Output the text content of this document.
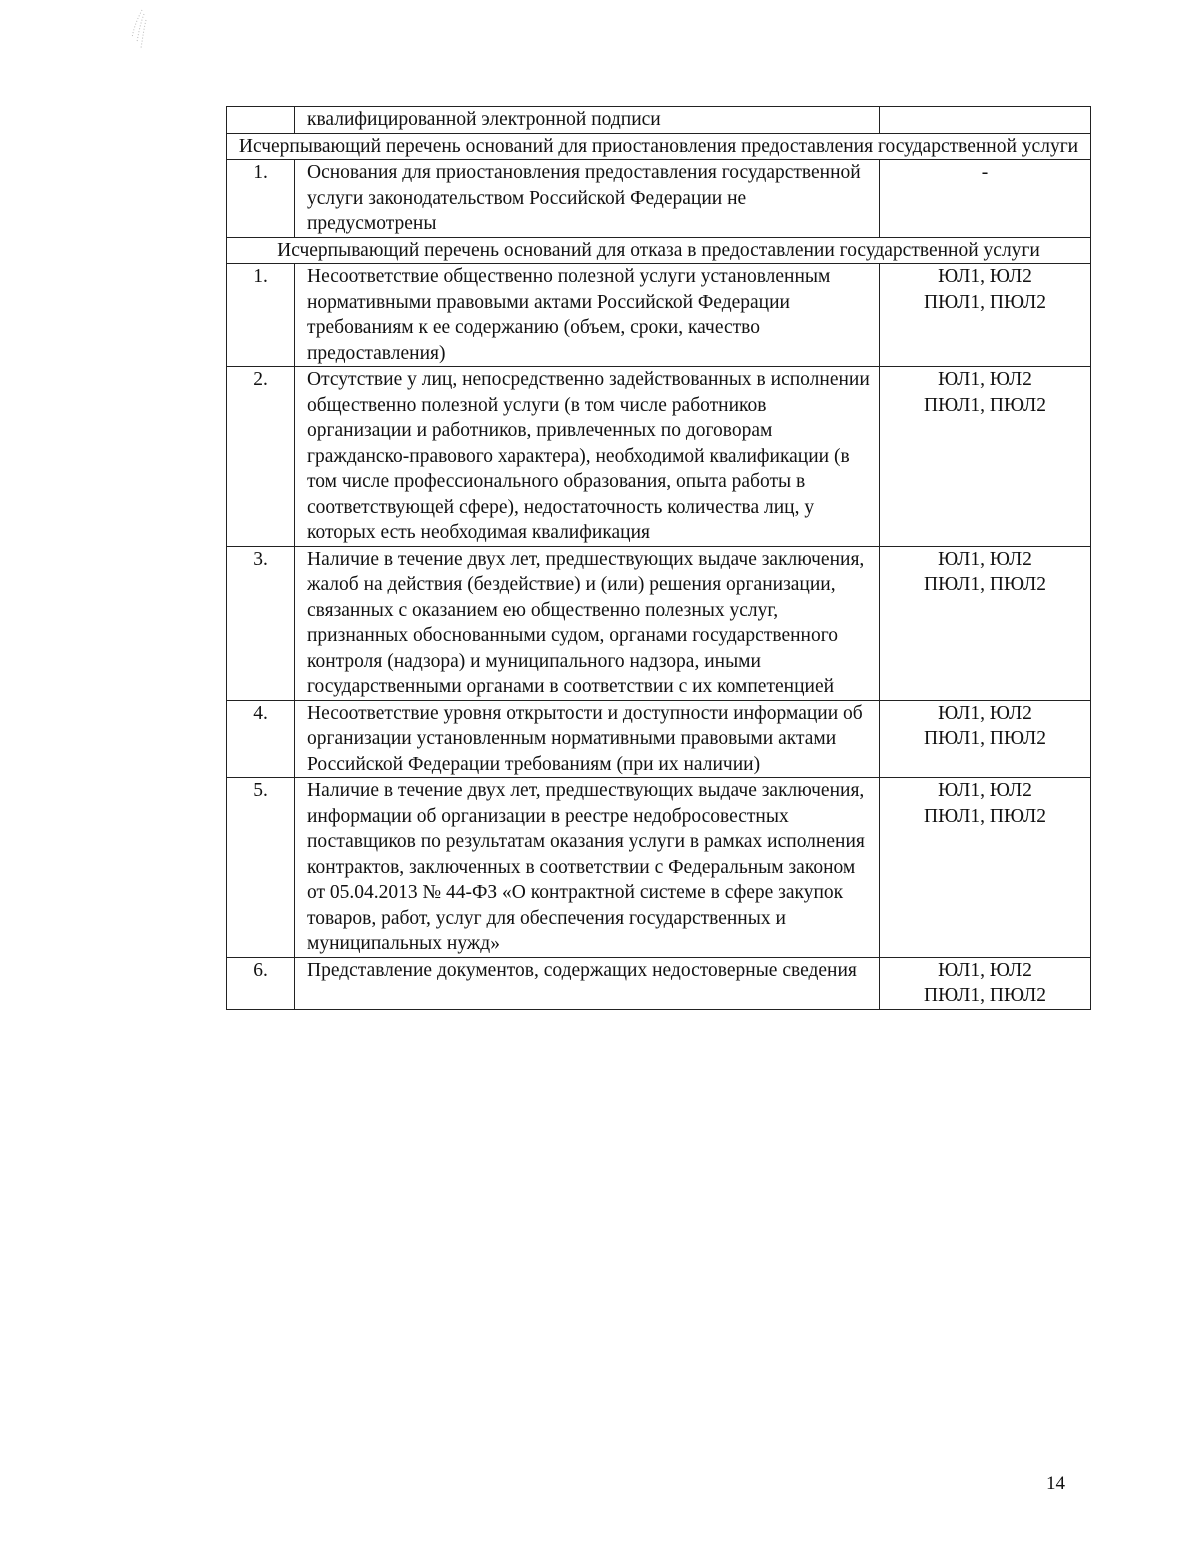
	квалифицированной электронной подписи	
Исчерпывающий перечень оснований для приостановления предоставления государственной услуги		
1.	Основания для приостановления предоставления государственной услуги законодательством Российской Федерации не предусмотрены	-

Исчерпывающий перечень оснований для отказа в предоставлении государственной услуги		
1.	Несоответствие общественно полезной услуги установленным нормативными правовыми актами Российской Федерации требованиям к ее содержанию (объем, сроки, качество предоставления)	ЮЛ1, ЮЛ2
ПЮЛ1, ПЮЛ2

2.	Отсутствие у лиц, непосредственно задействованных в исполнении общественно полезной услуги (в том числе работников организации и работников, привлеченных по договорам гражданско-правового характера), необходимой квалификации (в том числе профессионального образования, опыта работы в соответствующей сфере), недостаточность количества лиц, у которых есть необходимая квалификация	ЮЛ1, ЮЛ2
ПЮЛ1, ПЮЛ2

3.	Наличие в течение двух лет, предшествующих выдаче заключения, жалоб на действия (бездействие) и (или) решения организации, связанных с оказанием ею общественно полезных услуг, признанных обоснованными судом, органами государственного контроля (надзора) и муниципального надзора, иными государственными органами в соответствии с их компетенцией	ЮЛ1, ЮЛ2
ПЮЛ1, ПЮЛ2

4.	Несоответствие уровня открытости и доступности информации об организации установленным нормативными правовыми актами Российской Федерации требованиям (при их наличии)	ЮЛ1, ЮЛ2
ПЮЛ1, ПЮЛ2

5.	Наличие в течение двух лет, предшествующих выдаче заключения, информации об организации в реестре недобросовестных поставщиков по результатам оказания услуги в рамках исполнения контрактов, заключенных в соответствии с Федеральным законом от 05.04.2013 № 44-ФЗ «О контрактной системе в сфере закупок товаров, работ, услуг для обеспечения государственных и муниципальных нужд»	ЮЛ1, ЮЛ2
ПЮЛ1, ПЮЛ2

6.	Представление документов, содержащих недостоверные сведения	ЮЛ1, ЮЛ2
ПЮЛ1, ПЮЛ2
14
